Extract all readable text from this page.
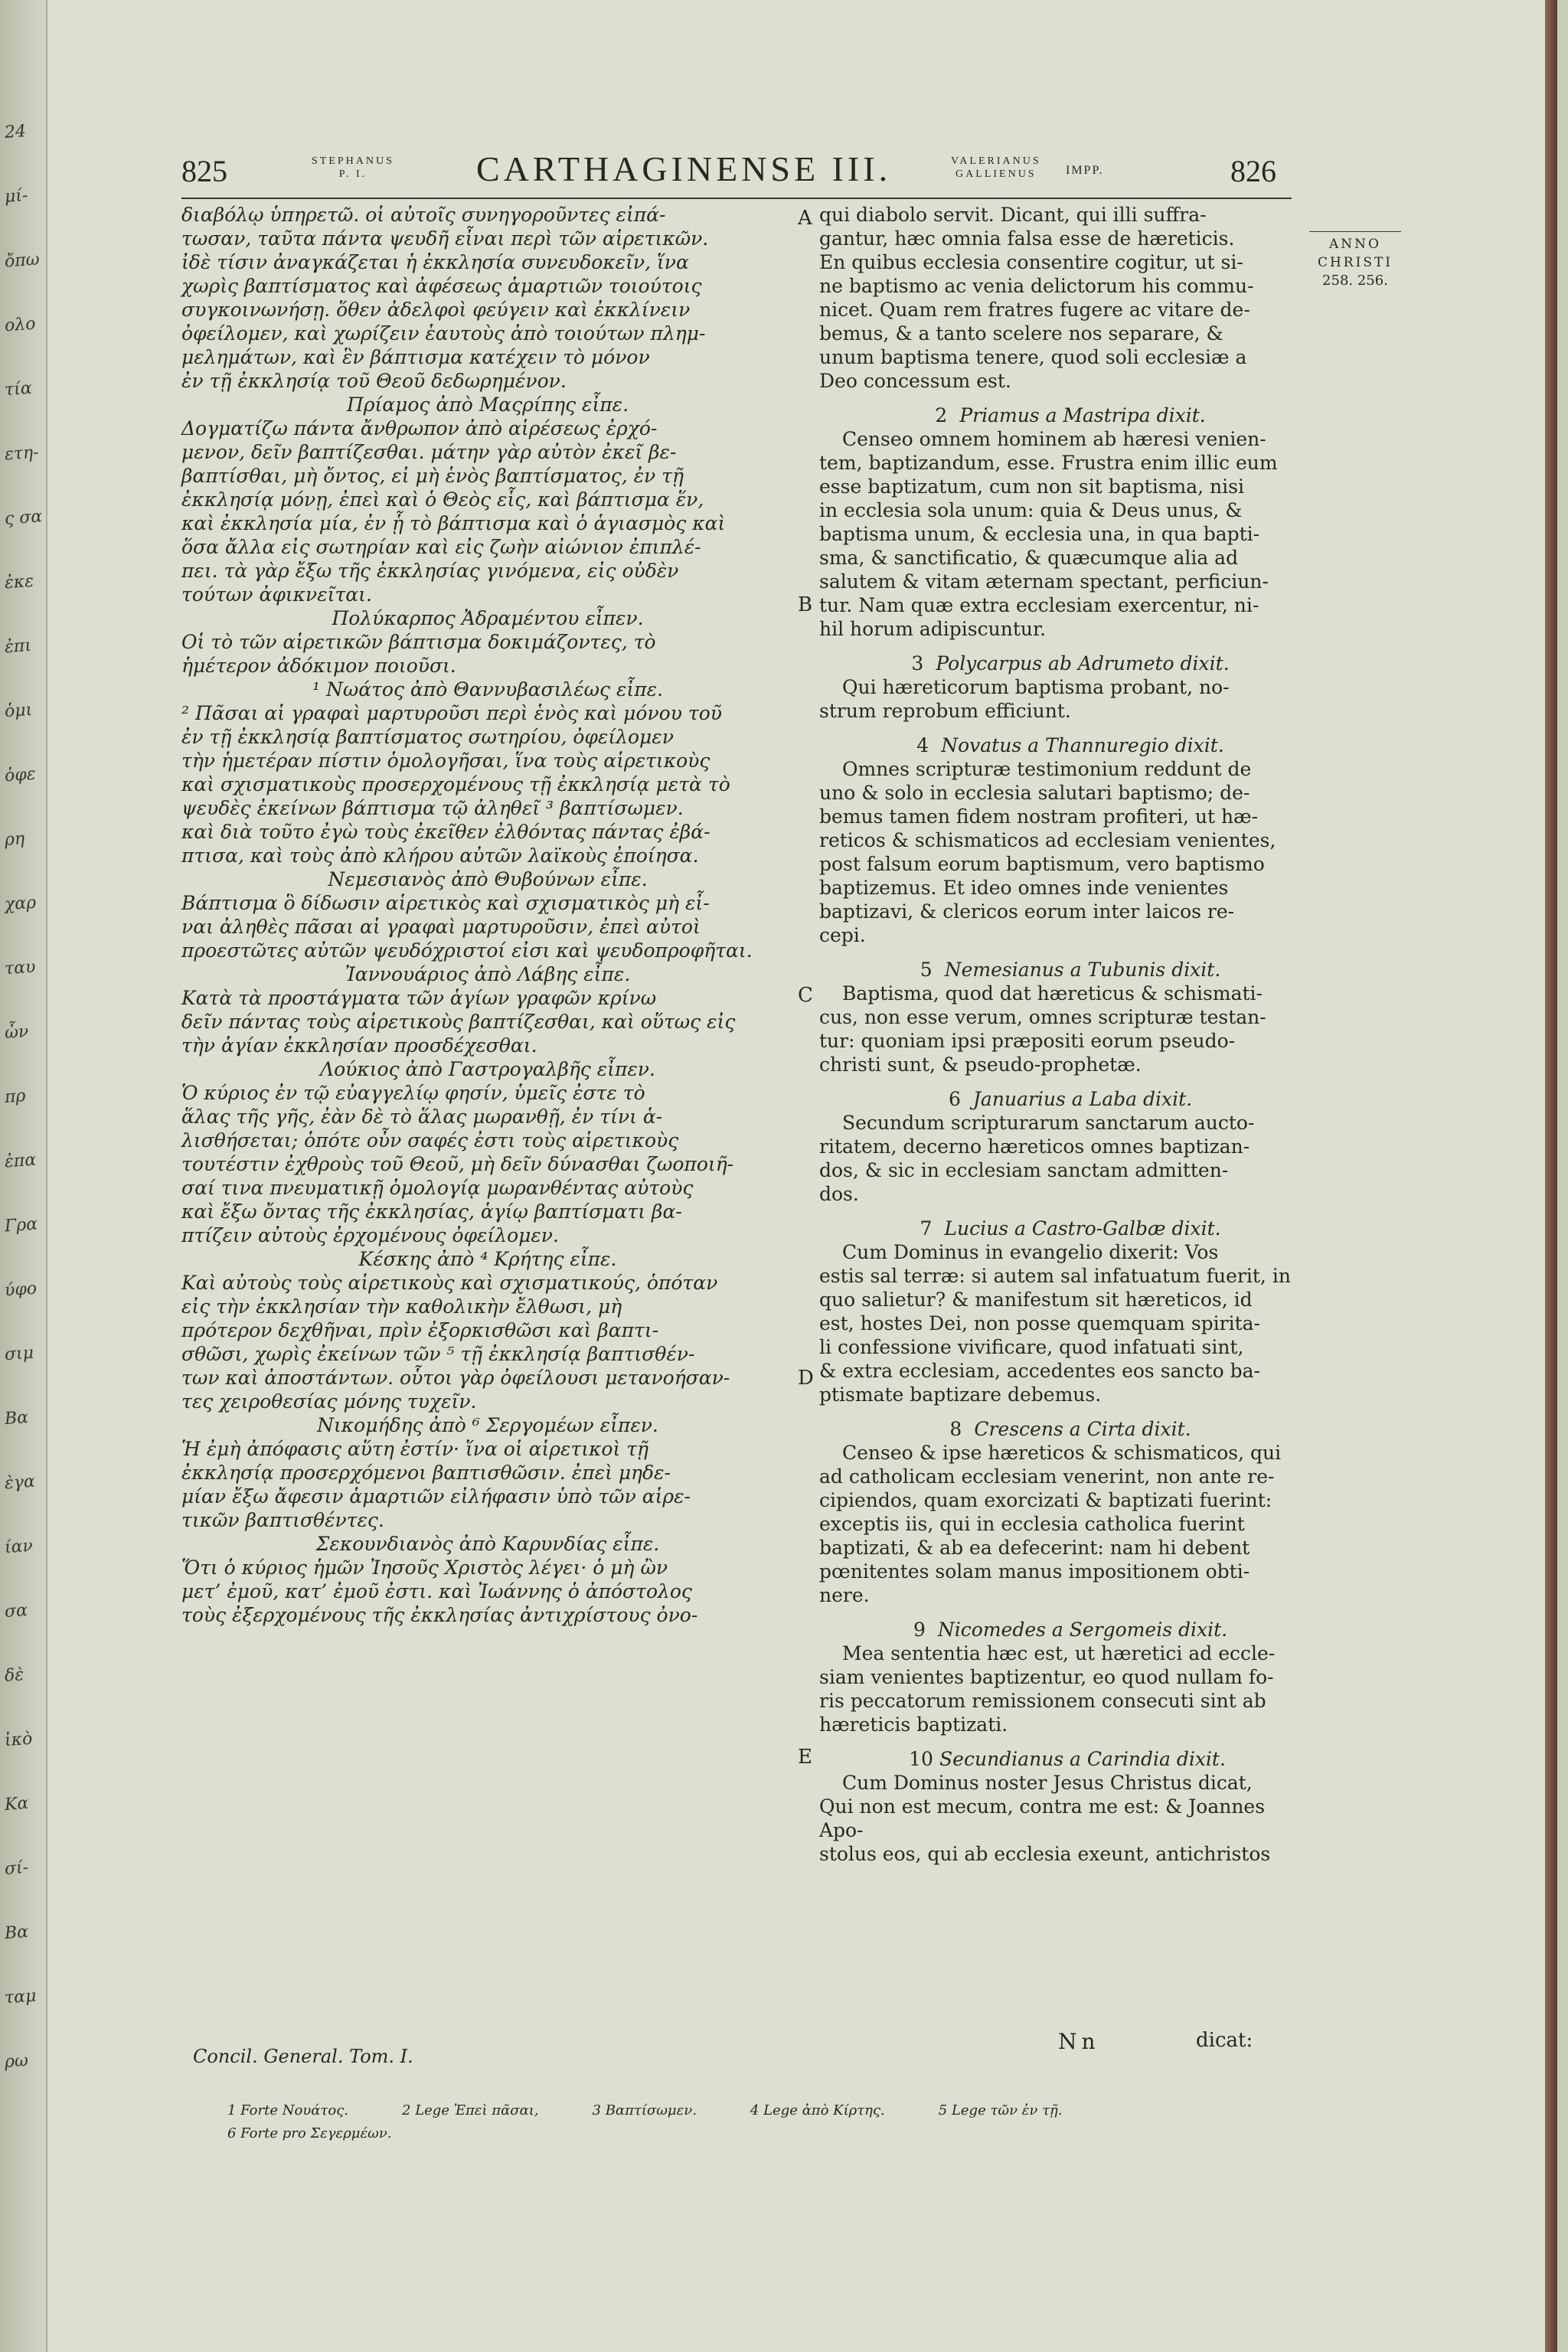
24
μί-
ὄπω
ολο
τία
ετη-
ς σα
ἐκε
ἐπι
ὁμι
ὀφε
ρη
χαρ
ταυ
ὧν
πρ
ἐπα
Γρα
ύφο
σιμ
Βα
ὲγα
ίαν
σα
δὲ
ἰκὸ
Κα
σί-
Βα
ταμ
ρω
825	STEPHANUS
P. I.	CARTHAGINENSE III.	VALERIANUS
GALLIENUS	IMPP.	826
ANNO
CHRISTI
258. 256.

διαβόλῳ ὑπηρετῶ. οἱ αὐτοῖς συνηγοροῦντες εἰπά-

τωσαν, ταῦτα πάντα ψευδῆ εἶναι περὶ τῶν αἱρετικῶν.

ἰδὲ τίσιν ἀναγκάζεται ἡ ἐκκλησία συνευδοκεῖν, ἵνα

χωρὶς βαπτίσματος καὶ ἀφέσεως ἁμαρτιῶν τοιούτοις

συγκοινωνήσῃ. ὅθεν ἀδελφοὶ φεύγειν καὶ ἐκκλίνειν

ὀφείλομεν, καὶ χωρίζειν ἑαυτοὺς ἀπὸ τοιούτων πλημ-

μελημάτων, καὶ ἓν βάπτισμα κατέχειν τὸ μόνον

ἐν τῇ ἐκκλησίᾳ τοῦ Θεοῦ δεδωρημένον.

Πρίαμος ἀπὸ Μαςρίπης εἶπε.

Δογματίζω πάντα ἄνθρωπον ἀπὸ αἱρέσεως ἐρχό-

μενον, δεῖν βαπτίζεσθαι. μάτην γὰρ αὐτὸν ἐκεῖ βε-

βαπτίσθαι, μὴ ὄντος, εἰ μὴ ἑνὸς βαπτίσματος, ἐν τῇ

ἐκκλησίᾳ μόνῃ, ἐπεὶ καὶ ὁ Θεὸς εἷς, καὶ βάπτισμα ἕν,

καὶ ἐκκλησία μία, ἐν ᾗ τὸ βάπτισμα καὶ ὁ ἁγιασμὸς καὶ

ὅσα ἄλλα εἰς σωτηρίαν καὶ εἰς ζωὴν αἰώνιον ἐπιπλέ-

πει. τὰ γὰρ ἔξω τῆς ἐκκλησίας γινόμενα, εἰς οὐδὲν

τούτων ἀφικνεῖται.

Πολύκαρπος Ἀδραμέντου εἶπεν.

Οἱ τὸ τῶν αἱρετικῶν βάπτισμα δοκιμάζοντες, τὸ

ἡμέτερον ἀδόκιμον ποιοῦσι.

¹ Νωάτος ἀπὸ Θαννυβασιλέως εἶπε.

² Πᾶσαι αἱ γραφαὶ μαρτυροῦσι περὶ ἑνὸς καὶ μόνου τοῦ

ἐν τῇ ἐκκλησίᾳ βαπτίσματος σωτηρίου, ὀφείλομεν

τὴν ἡμετέραν πίστιν ὁμολογῆσαι, ἵνα τοὺς αἱρετικοὺς

καὶ σχισματικοὺς προσερχομένους τῇ ἐκκλησίᾳ μετὰ τὸ

ψευδὲς ἐκείνων βάπτισμα τῷ ἀληθεῖ ³ βαπτίσωμεν.

καὶ διὰ τοῦτο ἐγὼ τοὺς ἐκεῖθεν ἐλθόντας πάντας ἐβά-

πτισα, καὶ τοὺς ἀπὸ κλήρου αὐτῶν λαϊκοὺς ἐποίησα.

Νεμεσιανὸς ἀπὸ Θυβούνων εἶπε.

Βάπτισμα ὃ δίδωσιν αἱρετικὸς καὶ σχισματικὸς μὴ εἶ-

ναι ἀληθὲς πᾶσαι αἱ γραφαὶ μαρτυροῦσιν, ἐπεὶ αὐτοὶ

προεστῶτες αὐτῶν ψευδόχριστοί εἰσι καὶ ψευδοπροφῆται.

Ἰαννουάριος ἀπὸ Λάβης εἶπε.

Κατὰ τὰ προστάγματα τῶν ἁγίων γραφῶν κρίνω

δεῖν πάντας τοὺς αἱρετικοὺς βαπτίζεσθαι, καὶ οὕτως εἰς

τὴν ἁγίαν ἐκκλησίαν προσδέχεσθαι.

Λούκιος ἀπὸ Γαστρογαλβῆς εἶπεν.

Ὁ κύριος ἐν τῷ εὐαγγελίῳ φησίν, ὑμεῖς ἐστε τὸ

ἅλας τῆς γῆς, ἐὰν δὲ τὸ ἅλας μωρανθῇ, ἐν τίνι ἁ-

λισθήσεται; ὁπότε οὖν σαφές ἐστι τοὺς αἱρετικοὺς

τουτέστιν ἐχθροὺς τοῦ Θεοῦ, μὴ δεῖν δύνασθαι ζωοποιῆ-

σαί τινα πνευματικῇ ὁμολογίᾳ μωρανθέντας αὐτοὺς

καὶ ἔξω ὄντας τῆς ἐκκλησίας, ἁγίῳ βαπτίσματι βα-

πτίζειν αὐτοὺς ἐρχομένους ὀφείλομεν.

Κέσκης ἀπὸ ⁴ Κρήτης εἶπε.

Καὶ αὐτοὺς τοὺς αἱρετικοὺς καὶ σχισματικούς, ὁπόταν

εἰς τὴν ἐκκλησίαν τὴν καθολικὴν ἔλθωσι, μὴ

πρότερον δεχθῆναι, πρὶν ἐξορκισθῶσι καὶ βαπτι-

σθῶσι, χωρὶς ἐκείνων τῶν ⁵ τῇ ἐκκλησίᾳ βαπτισθέν-

των καὶ ἀποστάντων. οὗτοι γὰρ ὀφείλουσι μετανοήσαν-

τες χειροθεσίας μόνης τυχεῖν.

Νικομήδης ἀπὸ ⁶ Σεργομέων εἶπεν.

Ἡ ἐμὴ ἀπόφασις αὕτη ἐστίν· ἵνα οἱ αἱρετικοὶ τῇ

ἐκκλησίᾳ προσερχόμενοι βαπτισθῶσιν. ἐπεὶ μηδε-

μίαν ἔξω ἄφεσιν ἁμαρτιῶν εἰλήφασιν ὑπὸ τῶν αἱρε-

τικῶν βαπτισθέντες.

Σεκουνδιανὸς ἀπὸ Καρυνδίας εἶπε.

Ὅτι ὁ κύριος ἡμῶν Ἰησοῦς Χριστὸς λέγει· ὁ μὴ ὢν

μετ’ ἐμοῦ, κατ’ ἐμοῦ ἐστι. καὶ Ἰωάννης ὁ ἀπόστολος

τοὺς ἐξερχομένους τῆς ἐκκλησίας ἀντιχρίστους ὀνο-

qui diabolo servit. Dicant, qui illi suffra-

gantur, hæc omnia falsa esse de hæreticis.

En quibus ecclesia consentire cogitur, ut si-

ne baptismo ac venia delictorum his commu-

nicet. Quam rem fratres fugere ac vitare de-

bemus, & a tanto scelere nos separare, &

unum baptisma tenere, quod soli ecclesiæ a

Deo concessum est.

2 Priamus a Mastripa dixit.

Censeo omnem hominem ab hæresi venien-

tem, baptizandum, esse. Frustra enim illic eum

esse baptizatum, cum non sit baptisma, nisi

in ecclesia sola unum: quia & Deus unus, &

baptisma unum, & ecclesia una, in qua bapti-

sma, & sanctificatio, & quæcumque alia ad

salutem & vitam æternam spectant, perficiun-

tur. Nam quæ extra ecclesiam exercentur, ni-

hil horum adipiscuntur.

3 Polycarpus ab Adrumeto dixit.

Qui hæreticorum baptisma probant, no-

strum reprobum efficiunt.

4 Novatus a Thannuregio dixit.

Omnes scripturæ testimonium reddunt de

uno & solo in ecclesia salutari baptismo; de-

bemus tamen fidem nostram profiteri, ut hæ-

reticos & schismaticos ad ecclesiam venientes,

post falsum eorum baptismum, vero baptismo

baptizemus. Et ideo omnes inde venientes

baptizavi, & clericos eorum inter laicos re-

cepi.

5 Nemesianus a Tubunis dixit.

Baptisma, quod dat hæreticus & schismati-

cus, non esse verum, omnes scripturæ testan-

tur: quoniam ipsi præpositi eorum pseudo-

christi sunt, & pseudo-prophetæ.

6 Januarius a Laba dixit.

Secundum scripturarum sanctarum aucto-

ritatem, decerno hæreticos omnes baptizan-

dos, & sic in ecclesiam sanctam admitten-

dos.

7 Lucius a Castro-Galbæ dixit.

Cum Dominus in evangelio dixerit: Vos

estis sal terræ: si autem sal infatuatum fuerit, in

quo salietur? & manifestum sit hæreticos, id

est, hostes Dei, non posse quemquam spirita-

li confessione vivificare, quod infatuati sint,

& extra ecclesiam, accedentes eos sancto ba-

ptismate baptizare debemus.

8 Crescens a Cirta dixit.

Censeo & ipse hæreticos & schismaticos, qui

ad catholicam ecclesiam venerint, non ante re-

cipiendos, quam exorcizati & baptizati fuerint:

exceptis iis, qui in ecclesia catholica fuerint

baptizati, & ab ea defecerint: nam hi debent

pœnitentes solam manus impositionem obti-

nere.

9 Nicomedes a Sergomeis dixit.

Mea sententia hæc est, ut hæretici ad eccle-

siam venientes baptizentur, eo quod nullam fo-

ris peccatorum remissionem consecuti sint ab

hæreticis baptizati.

10 Secundianus a Carindia dixit.

Cum Dominus noster Jesus Christus dicat,

Qui non est mecum, contra me est: & Joannes Apo-

stolus eos, qui ab ecclesia exeunt, antichristos

A
B
C
D
E
Concil. General. Tom. I.
Nn	dicat:
1 Forte Νουάτος.	2 Lege Ἐπεὶ πᾶσαι,	3 Βαπτίσωμεν.	4 Lege ἀπὸ Κίρτης.	5 Lege τῶν ἐν τῇ.
6 Forte pro Σεγερμέων.
